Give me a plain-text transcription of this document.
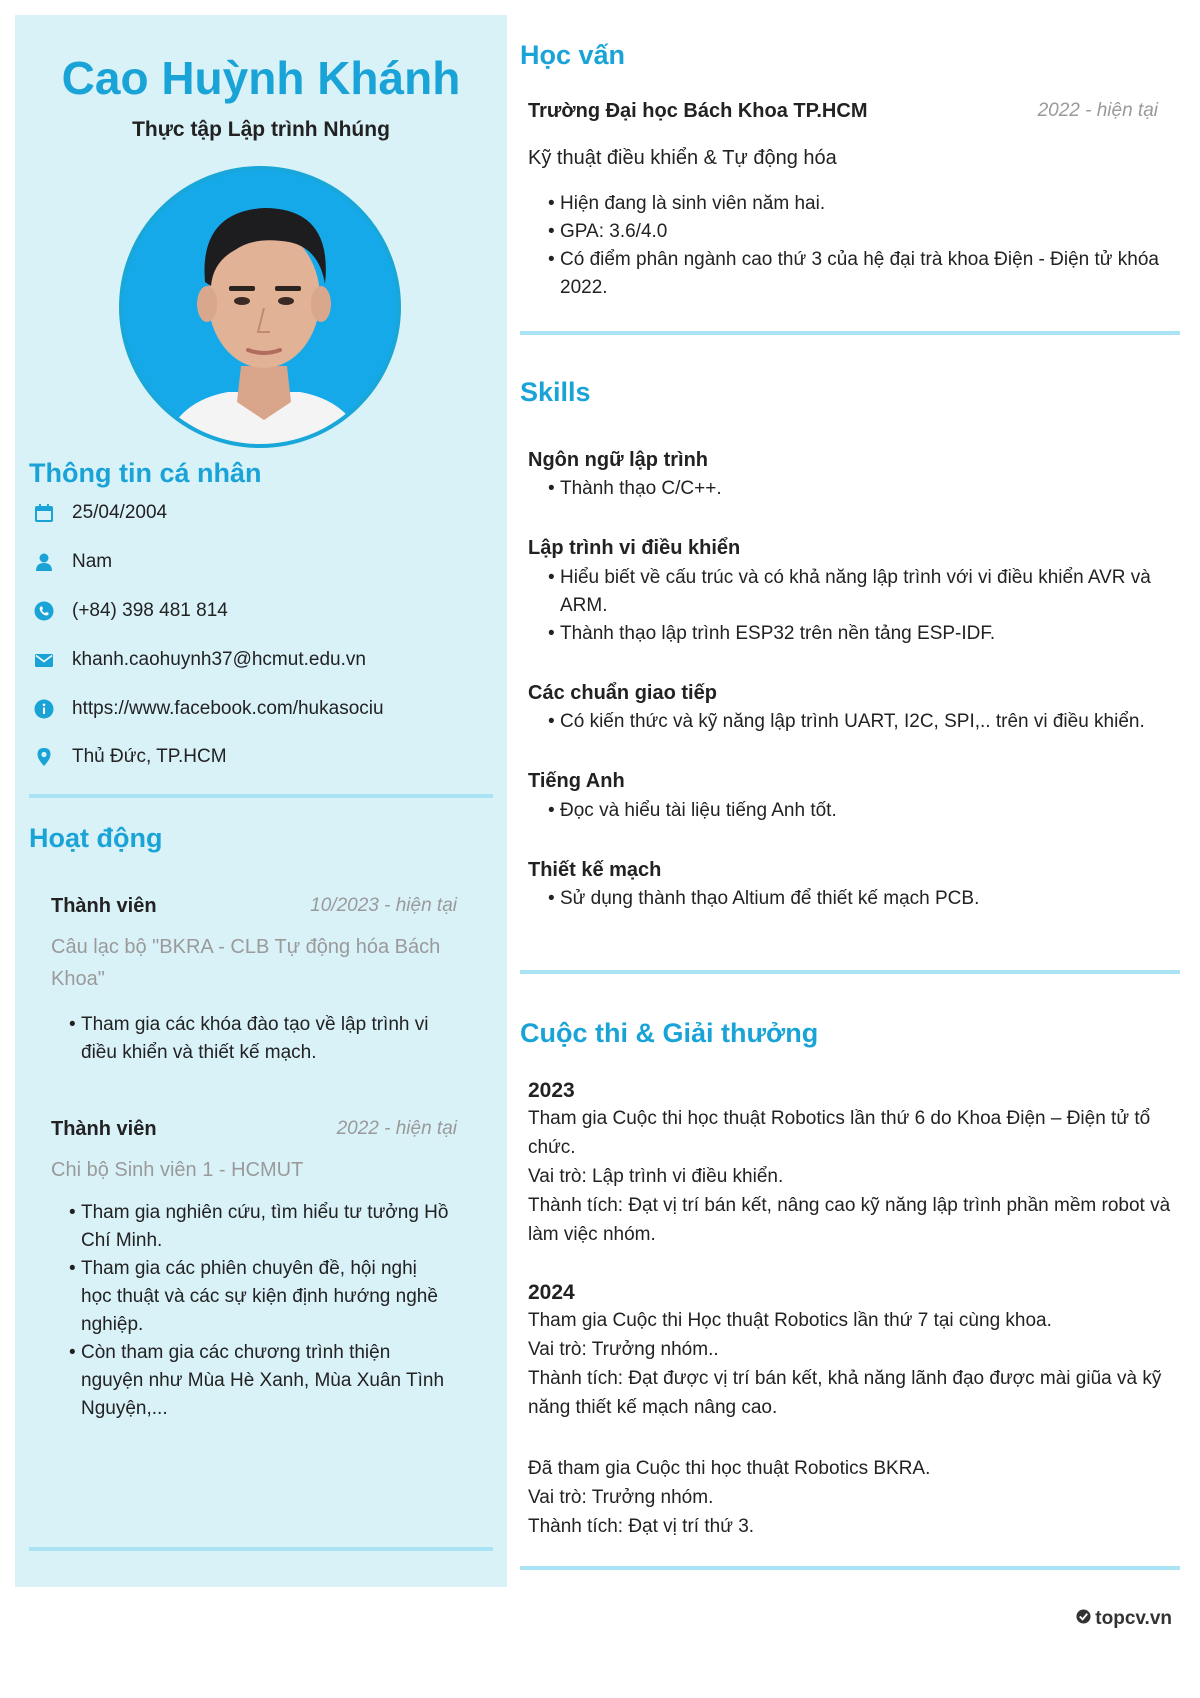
Cao Huỳnh Khánh
Thực tập Lập trình Nhúng
Thông tin cá nhân
25/04/2004
Nam
(+84) 398 481 814
khanh.caohuynh37@hcmut.edu.vn
https://www.facebook.com/hukasociu
Thủ Đức, TP.HCM
Hoạt động
Thành viên	10/2023 - hiện tại
Câu lạc bộ "BKRA - CLB Tự động hóa Bách Khoa"
• Tham gia các khóa đào tạo về lập trình vi điều khiển và thiết kế mạch.
Thành viên	2022 - hiện tại
Chi bộ Sinh viên 1 - HCMUT
• Tham gia nghiên cứu, tìm hiểu tư tưởng Hồ Chí Minh.
• Tham gia các phiên chuyên đề, hội nghị học thuật và các sự kiện định hướng nghề nghiệp.
• Còn tham gia các chương trình thiện nguyện như Mùa Hè Xanh, Mùa Xuân Tình Nguyện,...
Học vấn
Trường Đại học Bách Khoa TP.HCM	2022 - hiện tại
Kỹ thuật điều khiển & Tự động hóa
• Hiện đang là sinh viên năm hai.
• GPA: 3.6/4.0
• Có điểm phân ngành cao thứ 3 của hệ đại trà khoa Điện - Điện tử khóa 2022.
Skills
Ngôn ngữ lập trình
• Thành thạo C/C++.
Lập trình vi điều khiển
• Hiểu biết về cấu trúc và có khả năng lập trình với vi điều khiển AVR và ARM.
• Thành thạo lập trình ESP32 trên nền tảng ESP-IDF.
Các chuẩn giao tiếp
• Có kiến thức và kỹ năng lập trình UART, I2C, SPI,.. trên vi điều khiển.
Tiếng Anh
• Đọc và hiểu tài liệu tiếng Anh tốt.
Thiết kế mạch
• Sử dụng thành thạo Altium để thiết kế mạch PCB.
Cuộc thi & Giải thưởng
2023
Tham gia Cuộc thi học thuật Robotics lần thứ 6 do Khoa Điện – Điện tử tổ chức.
Vai trò: Lập trình vi điều khiển.
Thành tích: Đạt vị trí bán kết, nâng cao kỹ năng lập trình phần mềm robot và làm việc nhóm.
2024
Tham gia Cuộc thi Học thuật Robotics lần thứ 7 tại cùng khoa.
Vai trò: Trưởng nhóm..
Thành tích: Đạt được vị trí bán kết, khả năng lãnh đạo được mài giũa và kỹ năng thiết kế mạch nâng cao.
Đã tham gia Cuộc thi học thuật Robotics BKRA.
Vai trò: Trưởng nhóm.
Thành tích: Đạt vị trí thứ 3.
topcv.vn
